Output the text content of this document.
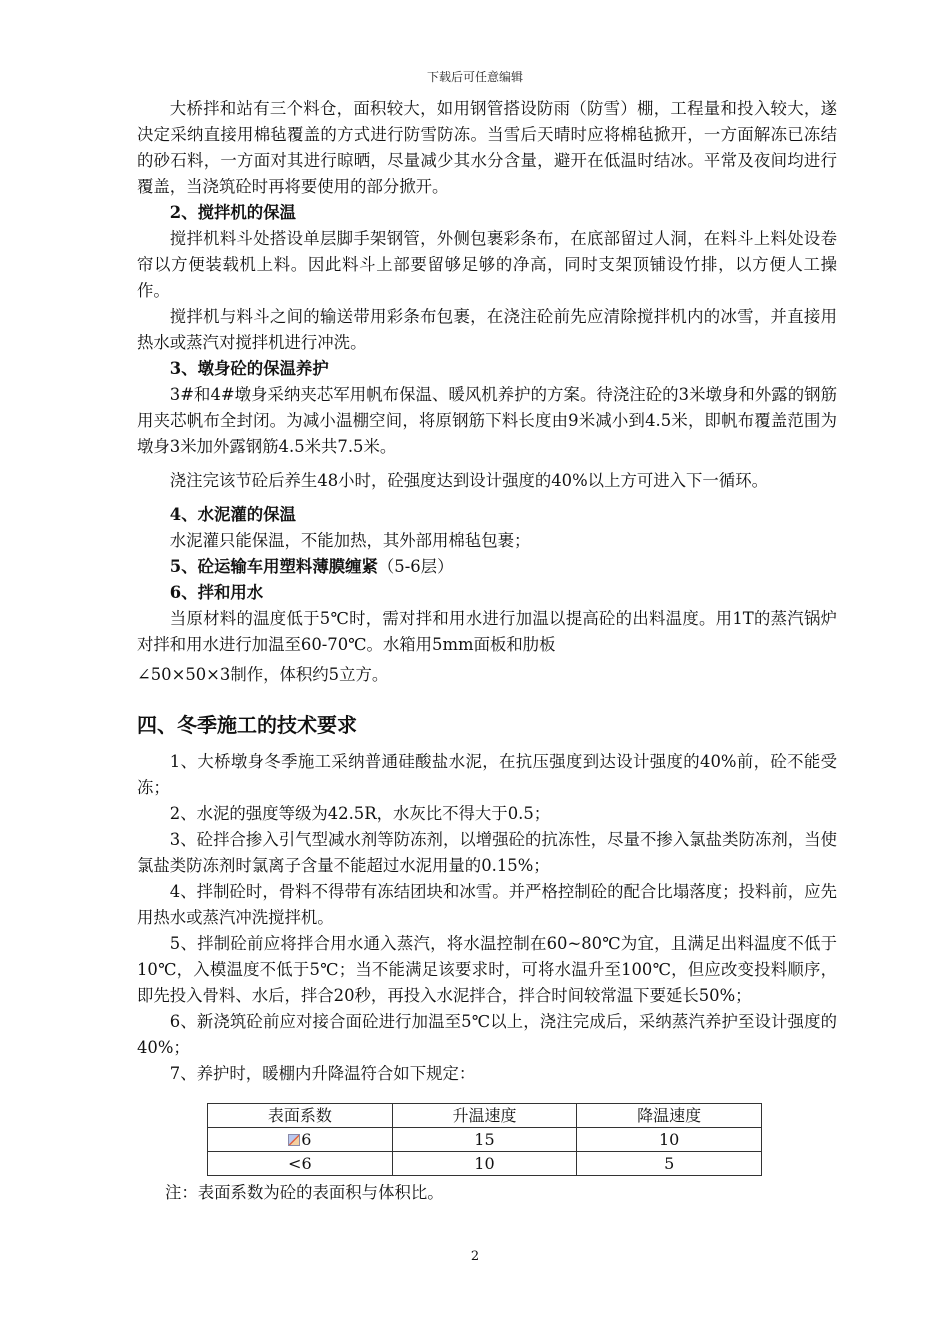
下载后可任意编辑

大桥拌和站有三个料仓，面积较大，如用钢管搭设防雨（防雪）棚，工程量和投入较大，遂决定采纳直接用棉毡覆盖的方式进行防雪防冻。当雪后天晴时应将棉毡掀开，一方面解冻已冻结的砂石料，一方面对其进行晾晒，尽量减少其水分含量，避开在低温时结冰。平常及夜间均进行覆盖，当浇筑砼时再将要使用的部分掀开。

2、搅拌机的保温

搅拌机料斗处搭设单层脚手架钢管，外侧包裹彩条布，在底部留过人洞，在料斗上料处设卷帘以方便装载机上料。因此料斗上部要留够足够的净高，同时支架顶铺设竹排，以方便人工操作。

搅拌机与料斗之间的输送带用彩条布包裹，在浇注砼前先应清除搅拌机内的冰雪，并直接用热水或蒸汽对搅拌机进行冲洗。

3、墩身砼的保温养护

3#和4#墩身采纳夹芯军用帆布保温、暖风机养护的方案。待浇注砼的3米墩身和外露的钢筋用夹芯帆布全封闭。为减小温棚空间，将原钢筋下料长度由9米减小到4.5米，即帆布覆盖范围为墩身3米加外露钢筋4.5米共7.5米。

浇注完该节砼后养生48小时，砼强度达到设计强度的40%以上方可进入下一循环。

4、水泥灌的保温

水泥灌只能保温，不能加热，其外部用棉毡包裹；

5、砼运输车用塑料薄膜缠紧（5-6层）

6、拌和用水

当原材料的温度低于5℃时，需对拌和用水进行加温以提高砼的出料温度。用1T的蒸汽锅炉对拌和用水进行加温至60-70℃。水箱用5mm面板和肋板

∠50×50×3制作，体积约5立方。

四、冬季施工的技术要求

1、大桥墩身冬季施工采纳普通硅酸盐水泥，在抗压强度到达设计强度的40%前，砼不能受冻；

2、水泥的强度等级为42.5R，水灰比不得大于0.5；

3、砼拌合掺入引气型减水剂等防冻剂，以增强砼的抗冻性，尽量不掺入氯盐类防冻剂，当使氯盐类防冻剂时氯离子含量不能超过水泥用量的0.15%；

4、拌制砼时，骨料不得带有冻结团块和冰雪。并严格控制砼的配合比塌落度；投料前，应先用热水或蒸汽冲洗搅拌机。

5、拌制砼前应将拌合用水通入蒸汽，将水温控制在60~80℃为宜，且满足出料温度不低于10℃，入模温度不低于5℃；当不能满足该要求时，可将水温升至100℃，但应改变投料顺序，即先投入骨料、水后，拌合20秒，再投入水泥拌合，拌合时间较常温下要延长50%；

6、新浇筑砼前应对接合面砼进行加温至5℃以上，浇注完成后，采纳蒸汽养护至设计强度的40%；

7、养护时，暖棚内升降温符合如下规定：

表面系数	升温速度	降温速度
6	15	10
<6	10	5

注：表面系数为砼的表面积与体积比。

2
